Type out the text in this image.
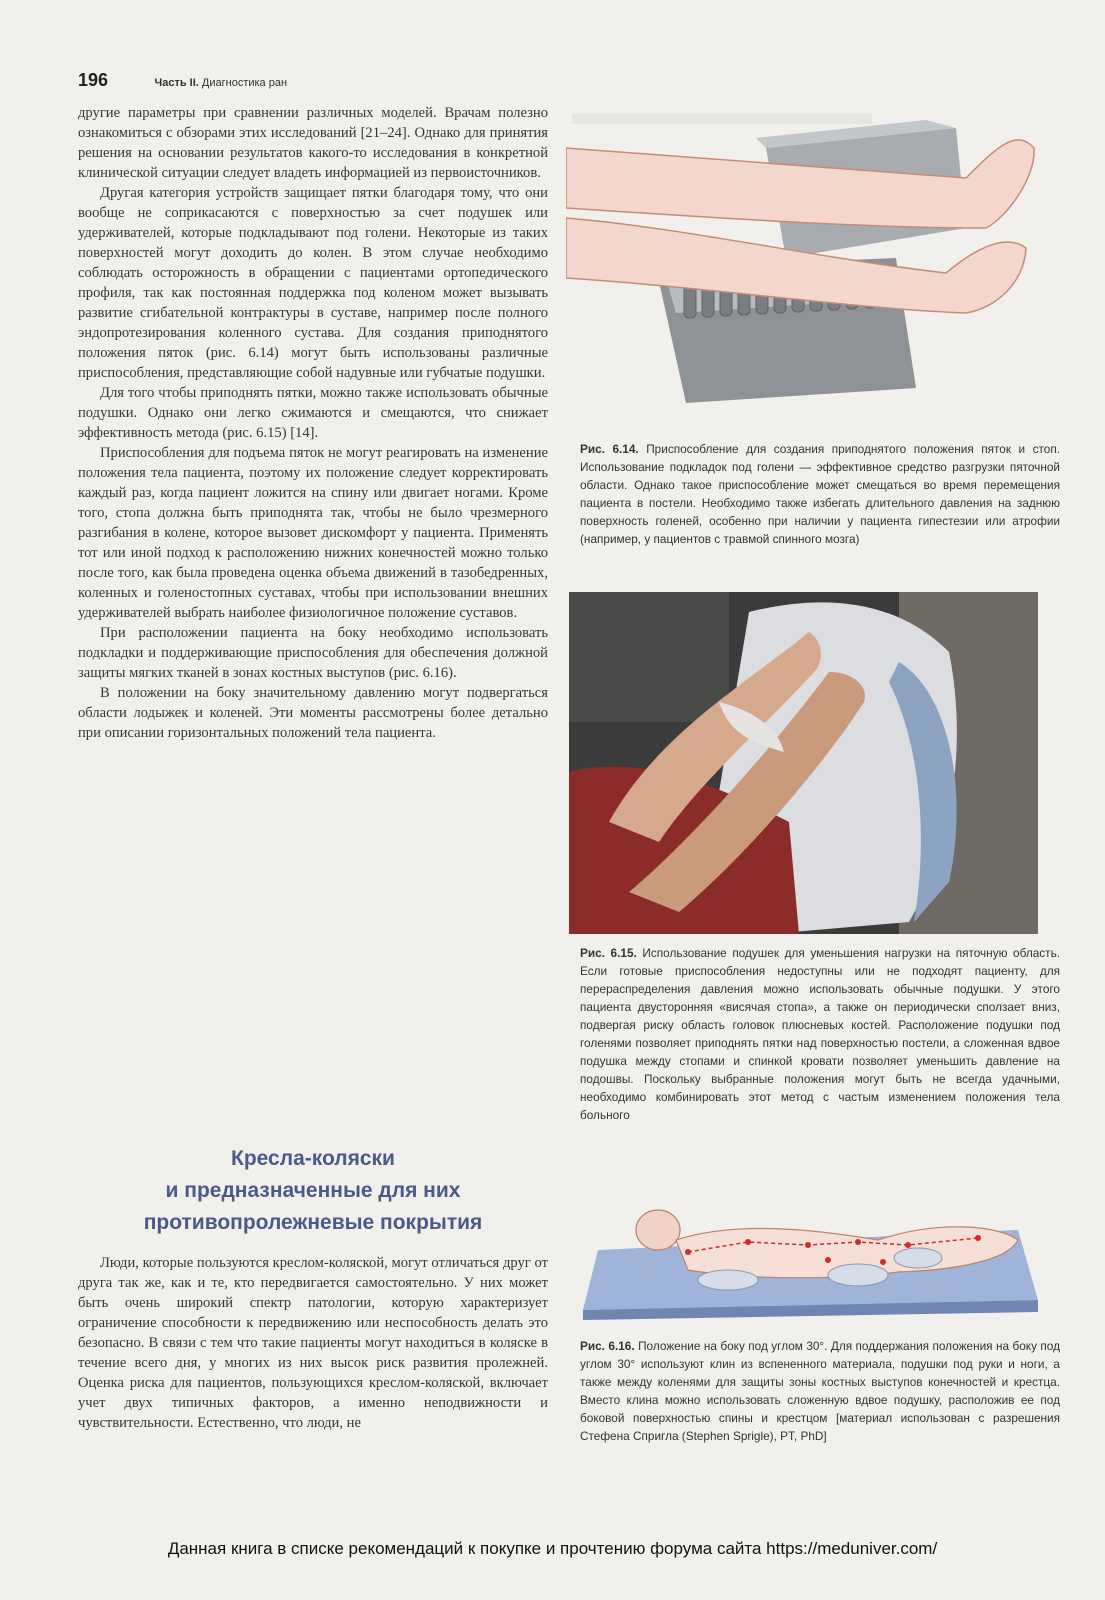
196	Часть II. Диагностика ран

другие параметры при сравнении различных моделей. Врачам полезно ознакомиться с обзорами этих исследований [21–24]. Однако для принятия решения на основании результатов какого-то исследования в конкретной клинической ситуации следует владеть информацией из первоисточников.

Другая категория устройств защищает пятки благодаря тому, что они вообще не соприкасаются с поверхностью за счет подушек или удерживателей, которые подкладывают под голени. Некоторые из таких поверхностей могут доходить до колен. В этом случае необходимо соблюдать осторожность в обращении с пациентами ортопедического профиля, так как постоянная поддержка под коленом может вызывать развитие сгибательной контрактуры в суставе, например после полного эндопротезирования коленного сустава. Для создания приподнятого положения пяток (рис. 6.14) могут быть использованы различные приспособления, представляющие собой надувные или губчатые подушки.

Для того чтобы приподнять пятки, можно также использовать обычные подушки. Однако они легко сжимаются и смещаются, что снижает эффективность метода (рис. 6.15) [14].

Приспособления для подъема пяток не могут реагировать на изменение положения тела пациента, поэтому их положение следует корректировать каждый раз, когда пациент ложится на спину или двигает ногами. Кроме того, стопа должна быть приподнята так, чтобы не было чрезмерного разгибания в колене, которое вызовет дискомфорт у пациента. Применять тот или иной подход к расположению нижних конечностей можно только после того, как была проведена оценка объема движений в тазобедренных, коленных и голеностопных суставах, чтобы при использовании внешних удерживателей выбрать наиболее физиологичное положение суставов.

При расположении пациента на боку необходимо использовать подкладки и поддерживающие приспособления для обеспечения должной защиты мягких тканей в зонах костных выступов (рис. 6.16).

В положении на боку значительному давлению могут подвергаться области лодыжек и коленей. Эти моменты рассмотрены более детально при описании горизонтальных положений тела пациента.

Кресла-коляски
и предназначенные для них
противопролежневые покрытия

Люди, которые пользуются креслом-коляской, могут отличаться друг от друга так же, как и те, кто передвигается самостоятельно. У них может быть очень широкий спектр патологии, которую характеризует ограничение способности к передвижению или неспособность делать это безопасно. В связи с тем что такие пациенты могут находиться в коляске в течение всего дня, у многих из них высок риск развития пролежней. Оценка риска для пациентов, пользующихся креслом-коляской, включает учет двух типичных факторов, а именно неподвижности и чувствительности. Естественно, что люди, не

Рис. 6.14. Приспособление для создания приподнятого положения пяток и стоп. Использование подкладок под голени — эффективное средство разгрузки пяточной области. Однако такое приспособление может смещаться во время перемещения пациента в постели. Необходимо также избегать длительного давления на заднюю поверхность голеней, особенно при наличии у пациента гипестезии или атрофии (например, у пациентов с травмой спинного мозга)
Рис. 6.15. Использование подушек для уменьшения нагрузки на пяточную область. Если готовые приспособления недоступны или не подходят пациенту, для перераспределения давления можно использовать обычные подушки. У этого пациента двусторонняя «висячая стопа», а также он периодически сползает вниз, подвергая риску область головок плюсневых костей. Расположение подушки под голенями позволяет приподнять пятки над поверхностью постели, а сложенная вдвое подушка между стопами и спинкой кровати позволяет уменьшить давление на подошвы. Поскольку выбранные положения могут быть не всегда удачными, необходимо комбинировать этот метод с частым изменением положения тела больного
Рис. 6.16. Положение на боку под углом 30°. Для поддержания положения на боку под углом 30° используют клин из вспененного материала, подушки под руки и ноги, а также между коленями для защиты зоны костных выступов конечностей и крестца. Вместо клина можно использовать сложенную вдвое подушку, расположив ее под боковой поверхностью спины и крестцом [материал использован с разрешения Стефена Спригла (Stephen Sprigle), PT, PhD]
Данная книга в списке рекомендаций к покупке и прочтению форума сайта https://meduniver.com/
